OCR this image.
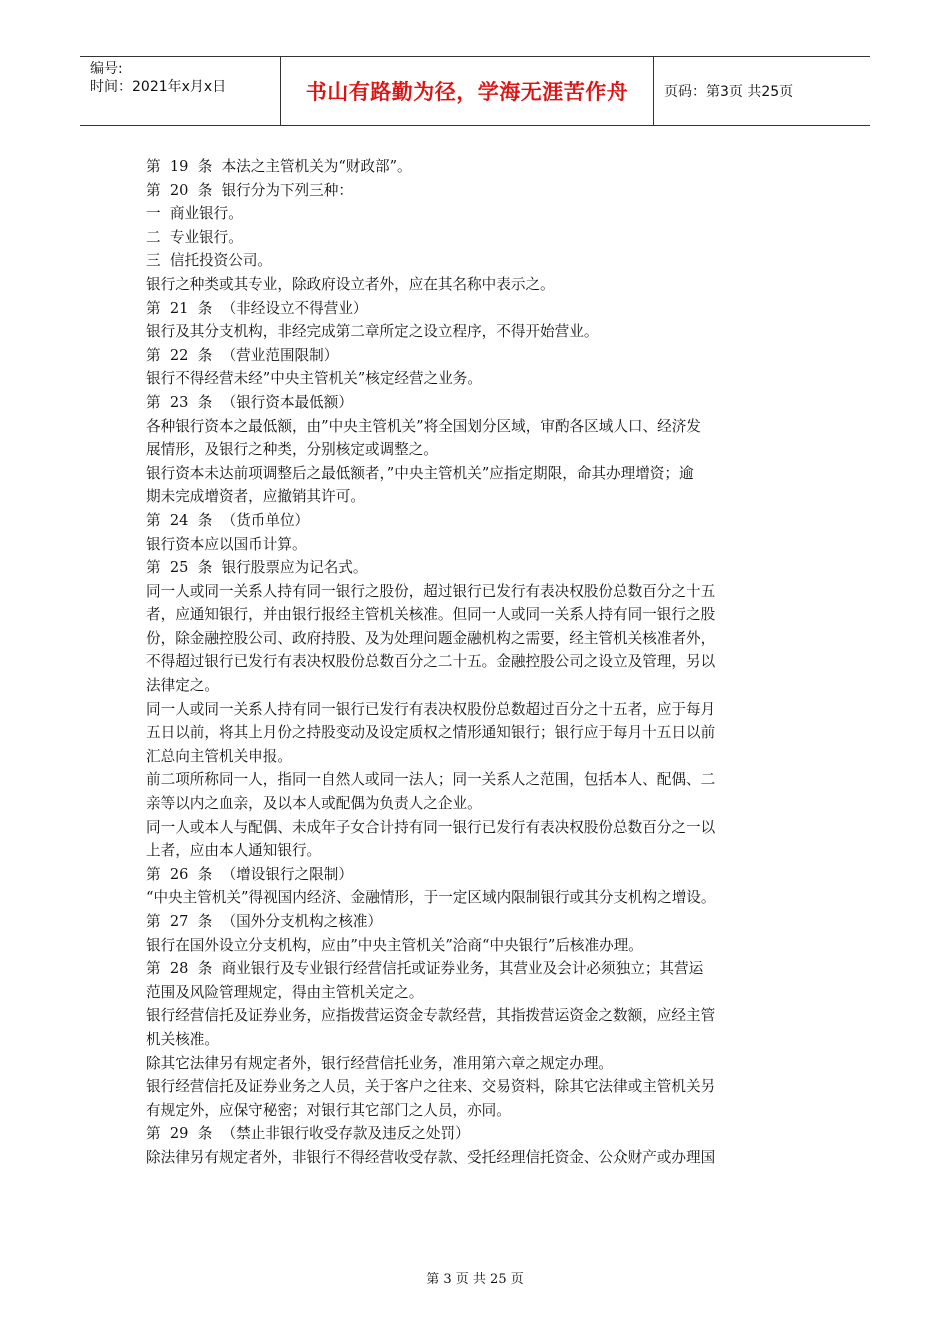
编号:
时间：2021年x月x日	书山有路勤为径，学海无涯苦作舟	页码：第3页 共25页
第  19  条  本法之主管机关为“财政部”。
第  20  条  银行分为下列三种：
一  商业银行。
二  专业银行。
三  信托投资公司。
银行之种类或其专业，除政府设立者外，应在其名称中表示之。
第  21  条  （非经设立不得营业）
银行及其分支机构，非经完成第二章所定之设立程序，不得开始营业。
第  22  条  （营业范围限制）
银行不得经营未经”中央主管机关”核定经营之业务。
第  23  条  （银行资本最低额）
各种银行资本之最低额，由”中央主管机关”将全国划分区域，审酌各区域人口、经济发
展情形，及银行之种类，分别核定或调整之。
银行资本未达前项调整后之最低额者，”中央主管机关”应指定期限，命其办理增资；逾
期未完成增资者，应撤销其许可。
第  24  条  （货币单位）
银行资本应以国币计算。
第  25  条  银行股票应为记名式。
同一人或同一关系人持有同一银行之股份，超过银行已发行有表决权股份总数百分之十五
者，应通知银行，并由银行报经主管机关核准。但同一人或同一关系人持有同一银行之股
份，除金融控股公司、政府持股、及为处理问题金融机构之需要，经主管机关核准者外，
不得超过银行已发行有表决权股份总数百分之二十五。金融控股公司之设立及管理，另以
法律定之。
同一人或同一关系人持有同一银行已发行有表决权股份总数超过百分之十五者，应于每月
五日以前，将其上月份之持股变动及设定质权之情形通知银行；银行应于每月十五日以前
汇总向主管机关申报。
前二项所称同一人，指同一自然人或同一法人；同一关系人之范围，包括本人、配偶、二
亲等以内之血亲，及以本人或配偶为负责人之企业。
同一人或本人与配偶、未成年子女合计持有同一银行已发行有表决权股份总数百分之一以
上者，应由本人通知银行。
第  26  条  （增设银行之限制）
“中央主管机关”得视国内经济、金融情形，于一定区域内限制银行或其分支机构之增设。
第  27  条  （国外分支机构之核准）
银行在国外设立分支机构，应由”中央主管机关”洽商“中央银行”后核准办理。
第  28  条  商业银行及专业银行经营信托或证券业务，其营业及会计必须独立；其营运
范围及风险管理规定，得由主管机关定之。
银行经营信托及证券业务，应指拨营运资金专款经营，其指拨营运资金之数额，应经主管
机关核准。
除其它法律另有规定者外，银行经营信托业务，准用第六章之规定办理。
银行经营信托及证券业务之人员，关于客户之往来、交易资料，除其它法律或主管机关另
有规定外，应保守秘密；对银行其它部门之人员，亦同。
第  29  条  （禁止非银行收受存款及违反之处罚）
除法律另有规定者外，非银行不得经营收受存款、受托经理信托资金、公众财产或办理国
第 3 页 共 25 页
